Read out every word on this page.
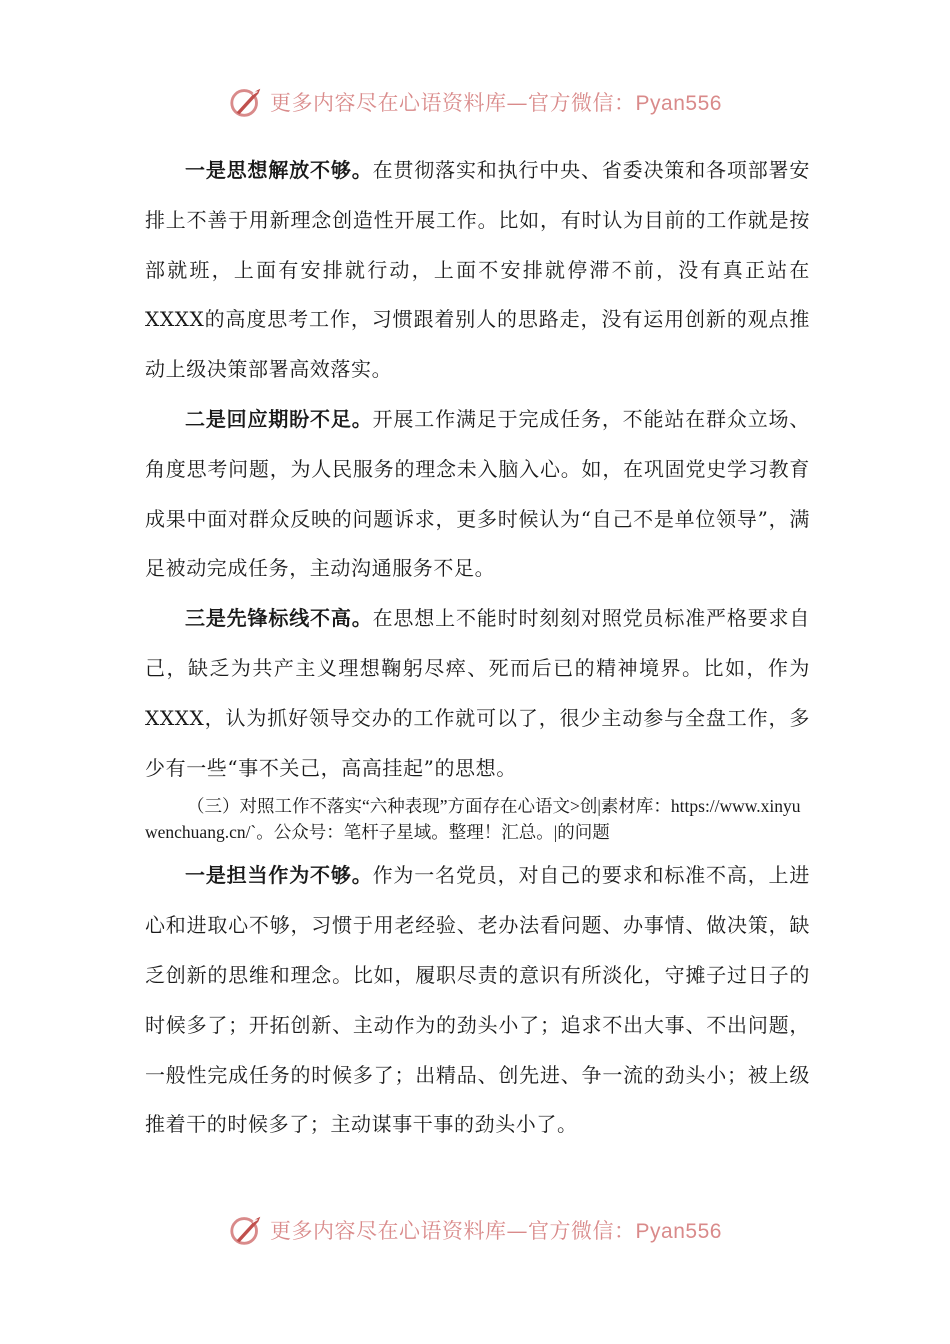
更多内容尽在心语资料库—官方微信：Pyan556

一是思想解放不够。在贯彻落实和执行中央、省委决策和各项部署安排上不善于用新理念创造性开展工作。比如，有时认为目前的工作就是按部就班，上面有安排就行动，上面不安排就停滞不前，没有真正站在XXXX的高度思考工作，习惯跟着别人的思路走，没有运用创新的观点推动上级决策部署高效落实。

二是回应期盼不足。开展工作满足于完成任务，不能站在群众立场、角度思考问题，为人民服务的理念未入脑入心。如，在巩固党史学习教育成果中面对群众反映的问题诉求，更多时候认为“自己不是单位领导”，满足被动完成任务，主动沟通服务不足。

三是先锋标线不高。在思想上不能时时刻刻对照党员标准严格要求自己，缺乏为共产主义理想鞠躬尽瘁、死而后已的精神境界。比如，作为XXXX，认为抓好领导交办的工作就可以了，很少主动参与全盘工作，多少有一些“事不关己，高高挂起”的思想。

（三）对照工作不落实“六种表现”方面存在心语文>创|素材库：https://www.xinyuwenchuang.cn/`。公众号：笔杆子星域。整理！汇总。|的问题

一是担当作为不够。作为一名党员，对自己的要求和标准不高，上进心和进取心不够，习惯于用老经验、老办法看问题、办事情、做决策，缺乏创新的思维和理念。比如，履职尽责的意识有所淡化，守摊子过日子的时候多了；开拓创新、主动作为的劲头小了；追求不出大事、不出问题，一般性完成任务的时候多了；出精品、创先进、争一流的劲头小；被上级推着干的时候多了；主动谋事干事的劲头小了。

更多内容尽在心语资料库—官方微信：Pyan556
